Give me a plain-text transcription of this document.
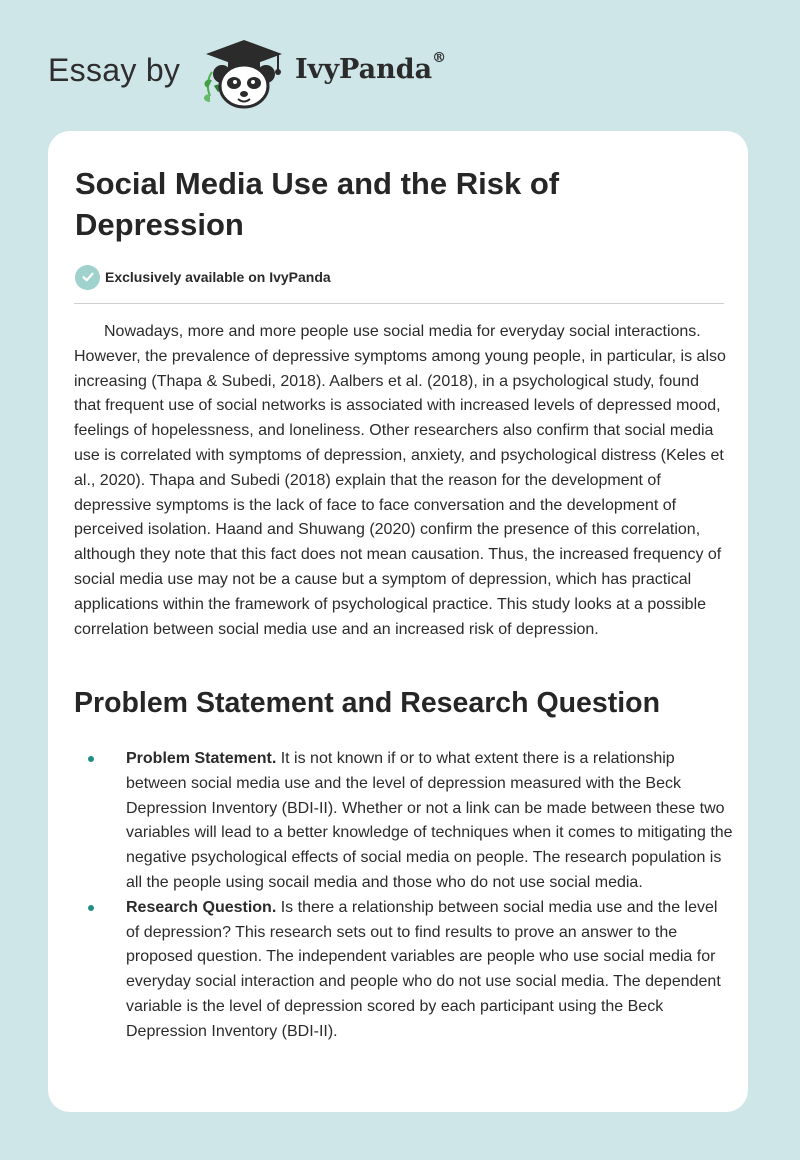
Essay by	IvyPanda®
Social Media Use and the Risk of Depression
Exclusively available on IvyPanda

Nowadays, more and more people use social media for everyday social interactions. However, the prevalence of depressive symptoms among young people, in particular, is also increasing (Thapa & Subedi, 2018). Aalbers et al. (2018), in a psychological study, found that frequent use of social networks is associated with increased levels of depressed mood, feelings of hopelessness, and loneliness. Other researchers also confirm that social media use is correlated with symptoms of depression, anxiety, and psychological distress (Keles et al., 2020). Thapa and Subedi (2018) explain that the reason for the development of depressive symptoms is the lack of face to face conversation and the development of perceived isolation. Haand and Shuwang (2020) confirm the presence of this correlation, although they note that this fact does not mean causation. Thus, the increased frequency of social media use may not be a cause but a symptom of depression, which has practical applications within the framework of psychological practice. This study looks at a possible correlation between social media use and an increased risk of depression.

Problem Statement and Research Question
Problem Statement. It is not known if or to what extent there is a relationship between social media use and the level of depression measured with the Beck Depression Inventory (BDI-II). Whether or not a link can be made between these two variables will lead to a better knowledge of techniques when it comes to mitigating the negative psychological effects of social media on people. The research population is all the people using socail media and those who do not use social media.
Research Question. Is there a relationship between social media use and the level of depression? This research sets out to find results to prove an answer to the proposed question. The independent variables are people who use social media for everyday social interaction and people who do not use social media. The dependent variable is the level of depression scored by each participant using the Beck Depression Inventory (BDI-II).
